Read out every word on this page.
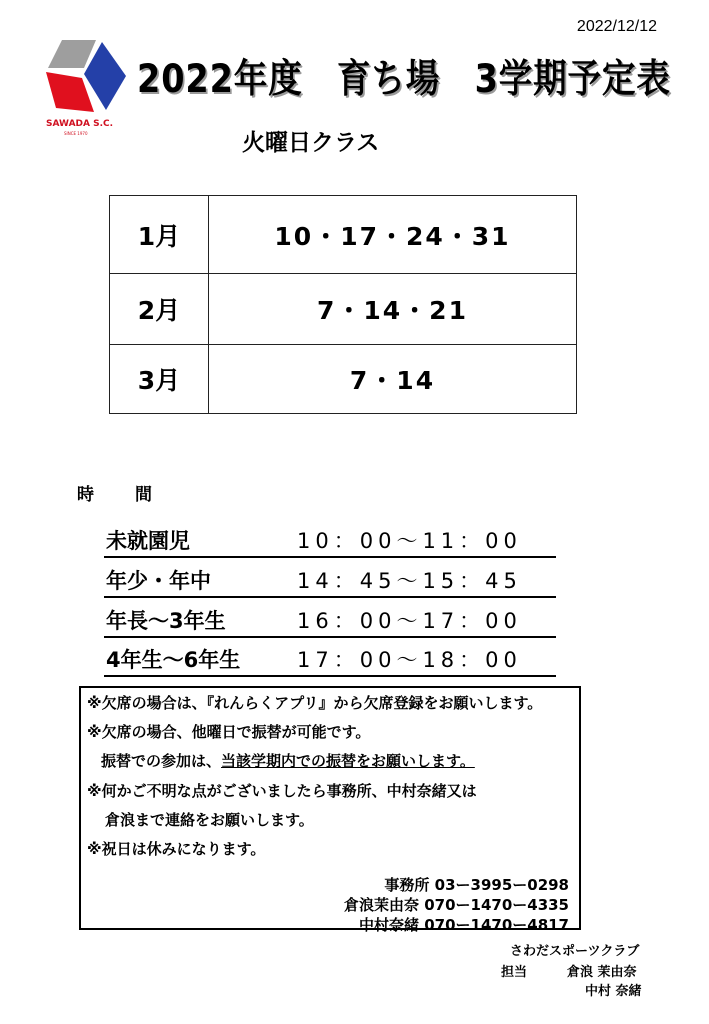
2022/12/12
SAWADA S.C.
SINCE 1970
2022年度　育ち場　3学期予定表
火曜日クラス
1月	10・17・24・31
2月	7・14・21
3月	7・14
時　間
未就園児	10：00～11：00
年少・年中	14：45～15：45
年長～3年生	16：00～17：00
4年生～6年生	17：00～18：00
※欠席の場合は、『れんらくアプリ』から欠席登録をお願いします。
※欠席の場合、他曜日で振替が可能です。
振替での参加は、当該学期内での振替をお願いします。
※何かご不明な点がございましたら事務所、中村奈緒又は
倉浪まで連絡をお願いします。
※祝日は休みになります。
事務所 03ー3995ー0298
倉浪茉由奈 070ー1470ー4335
中村奈緒 070ー1470ー4817
さわだスポーツクラブ
担当	倉浪 茉由奈
中村 奈緒
